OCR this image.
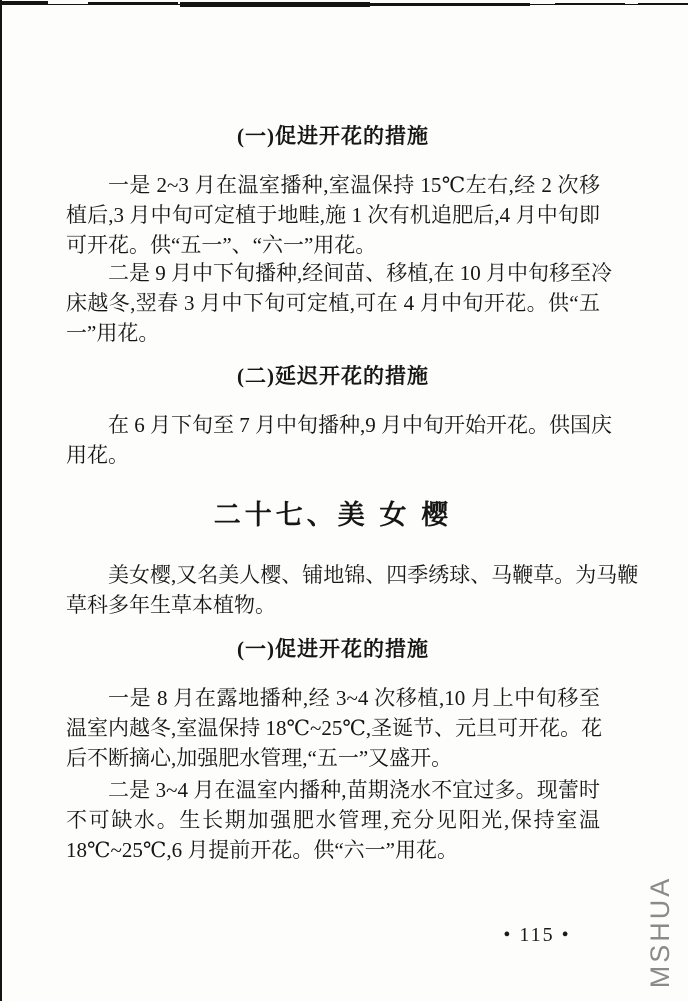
(一)促进开花的措施
一是 2~3 月在温室播种,室温保持 15℃左右,经 2 次移
植后,3 月中旬可定植于地畦,施 1 次有机追肥后,4 月中旬即
可开花。供“五一”、“六一”用花。
二是 9 月中下旬播种,经间苗、移植,在 10 月中旬移至冷
床越冬,翌春 3 月中下旬可定植,可在 4 月中旬开花。供“五
一”用花。
(二)延迟开花的措施
在 6 月下旬至 7 月中旬播种,9 月中旬开始开花。供国庆
用花。
二十七、美 女 樱
美女樱,又名美人樱、铺地锦、四季绣球、马鞭草。为马鞭
草科多年生草本植物。
(一)促进开花的措施
一是 8 月在露地播种,经 3~4 次移植,10 月上中旬移至
温室内越冬,室温保持 18℃~25℃,圣诞节、元旦可开花。花
后不断摘心,加强肥水管理,“五一”又盛开。
二是 3~4 月在温室内播种,苗期浇水不宜过多。现蕾时
不可缺水。生长期加强肥水管理,充分见阳光,保持室温
18℃~25℃,6 月提前开花。供“六一”用花。
• 115 •	MSHUA
